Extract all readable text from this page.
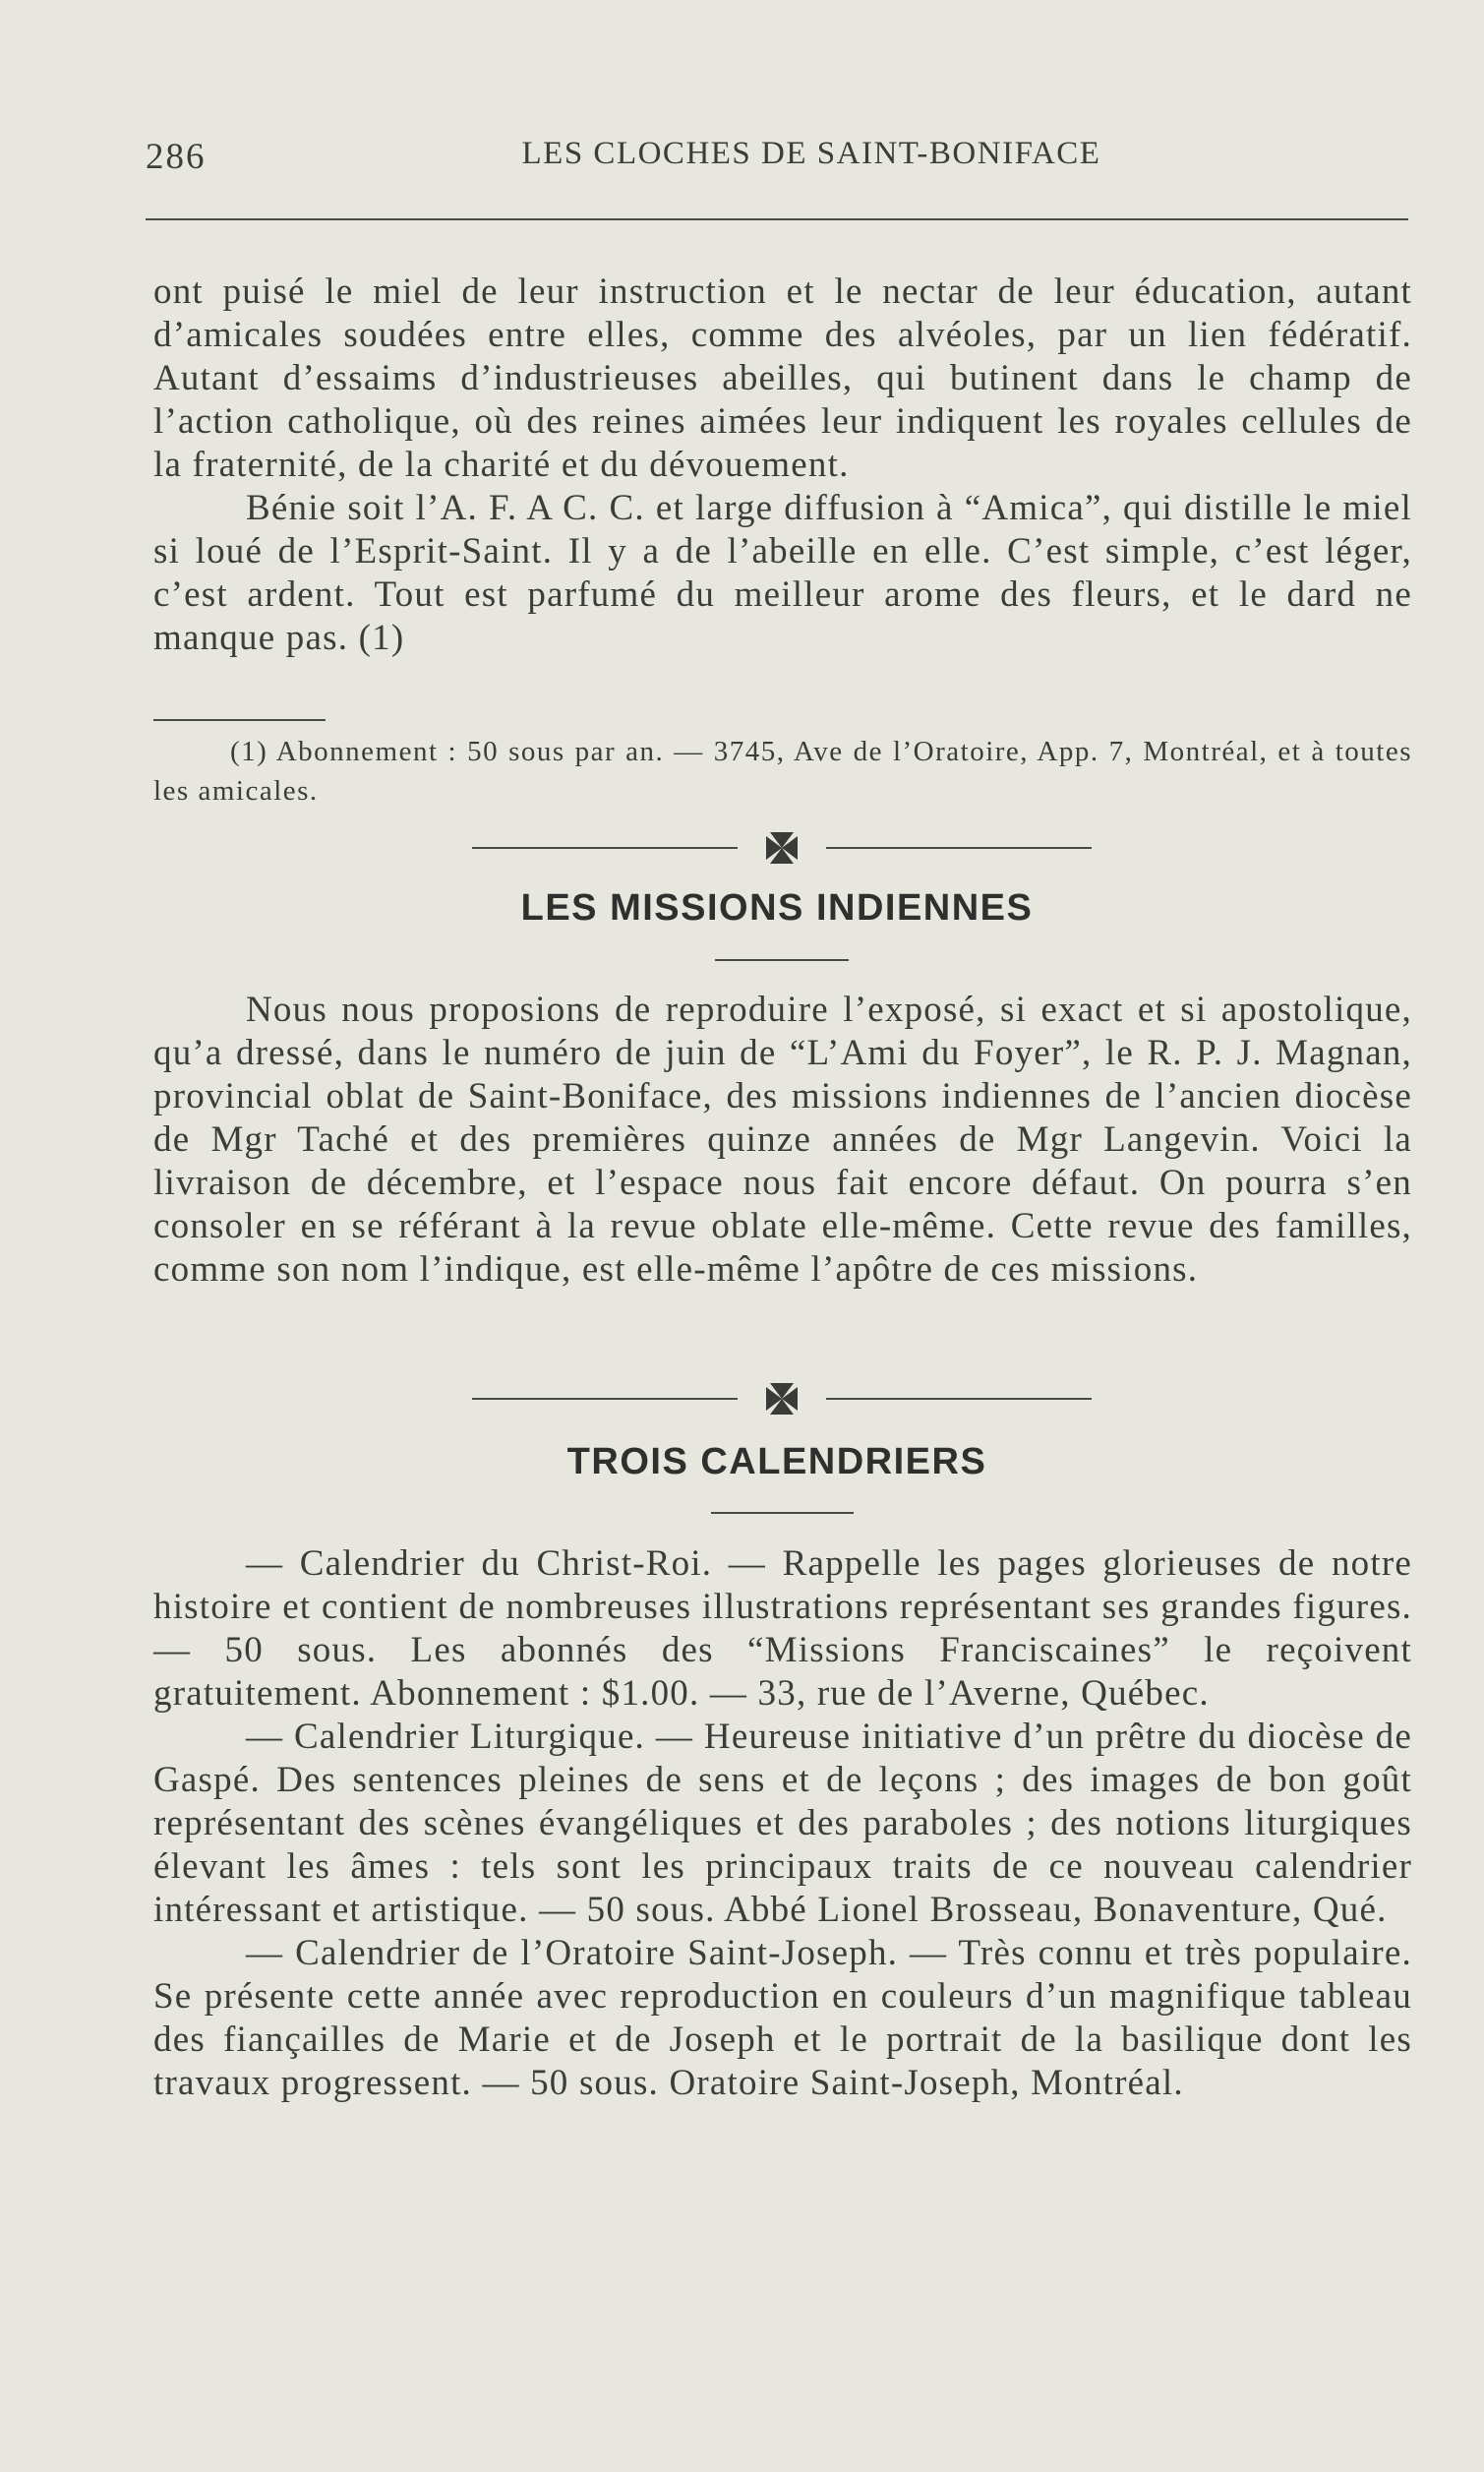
286	LES CLOCHES DE SAINT-BONIFACE

ont puisé le miel de leur instruction et le nectar de leur éducation, autant d’amicales soudées entre elles, comme des alvéoles, par un lien fédératif. Autant d’essaims d’industrieuses abeilles, qui butinent dans le champ de l’action catholique, où des reines aimées leur indiquent les royales cellules de la fraternité, de la charité et du dévouement.

Bénie soit l’A. F. A C. C. et large diffusion à “Amica”, qui distille le miel si loué de l’Esprit-Saint. Il y a de l’abeille en elle. C’est simple, c’est léger, c’est ardent. Tout est parfumé du meilleur arome des fleurs, et le dard ne manque pas. (1)

(1) Abonnement : 50 sous par an. — 3745, Ave de l’Oratoire, App. 7, Montréal, et à toutes les amicales.

LES MISSIONS INDIENNES

Nous nous proposions de reproduire l’exposé, si exact et si apostolique, qu’a dressé, dans le numéro de juin de “L’Ami du Foyer”, le R. P. J. Magnan, provincial oblat de Saint-Boniface, des missions indiennes de l’ancien diocèse de Mgr Taché et des premières quinze années de Mgr Langevin. Voici la livraison de décembre, et l’espace nous fait encore défaut. On pourra s’en consoler en se référant à la revue oblate elle-même. Cette revue des familles, comme son nom l’indique, est elle-même l’apôtre de ces missions.

TROIS CALENDRIERS

— Calendrier du Christ-Roi. — Rappelle les pages glorieuses de notre histoire et contient de nombreuses illustrations représentant ses grandes figures. — 50 sous. Les abonnés des “Missions Franciscaines” le reçoivent gratuitement. Abonnement : $1.00. — 33, rue de l’Averne, Québec.

— Calendrier Liturgique. — Heureuse initiative d’un prêtre du diocèse de Gaspé. Des sentences pleines de sens et de leçons ; des images de bon goût représentant des scènes évangéliques et des paraboles ; des notions liturgiques élevant les âmes : tels sont les principaux traits de ce nouveau calendrier intéressant et artistique. — 50 sous. Abbé Lionel Brosseau, Bonaventure, Qué.

— Calendrier de l’Oratoire Saint-Joseph. — Très connu et très populaire. Se présente cette année avec reproduction en couleurs d’un magnifique tableau des fiançailles de Marie et de Joseph et le portrait de la basilique dont les travaux progressent. — 50 sous. Oratoire Saint-Joseph, Montréal.
